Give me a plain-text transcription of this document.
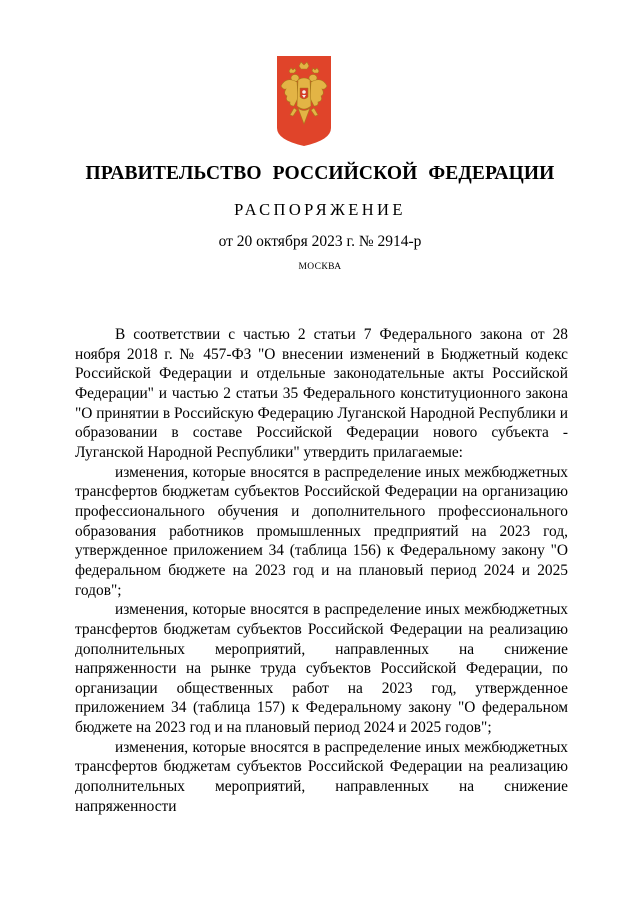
ПРАВИТЕЛЬСТВО РОССИЙСКОЙ ФЕДЕРАЦИИ
РАСПОРЯЖЕНИЕ
от 20 октября 2023 г. № 2914-р
МОСКВА

В соответствии с частью 2 статьи 7 Федерального закона от 28 ноября 2018 г. № 457-ФЗ "О внесении изменений в Бюджетный кодекс Российской Федерации и отдельные законодательные акты Российской Федерации" и частью 2 статьи 35 Федерального конституционного закона "О принятии в Российскую Федерацию Луганской Народной Республики и образовании в составе Российской Федерации нового субъекта - Луганской Народной Республики" утвердить прилагаемые:

изменения, которые вносятся в распределение иных межбюджетных трансфертов бюджетам субъектов Российской Федерации на организацию профессионального обучения и дополнительного профессионального образования работников промышленных предприятий на 2023 год, утвержденное приложением 34 (таблица 156) к Федеральному закону "О федеральном бюджете на 2023 год и на плановый период 2024 и 2025 годов";

изменения, которые вносятся в распределение иных межбюджетных трансфертов бюджетам субъектов Российской Федерации на реализацию дополнительных мероприятий, направленных на снижение напряженности на рынке труда субъектов Российской Федерации, по организации общественных работ на 2023 год, утвержденное приложением 34 (таблица 157) к Федеральному закону "О федеральном бюджете на 2023 год и на плановый период 2024 и 2025 годов";

изменения, которые вносятся в распределение иных межбюджетных трансфертов бюджетам субъектов Российской Федерации на реализацию дополнительных мероприятий, направленных на снижение напряженности
